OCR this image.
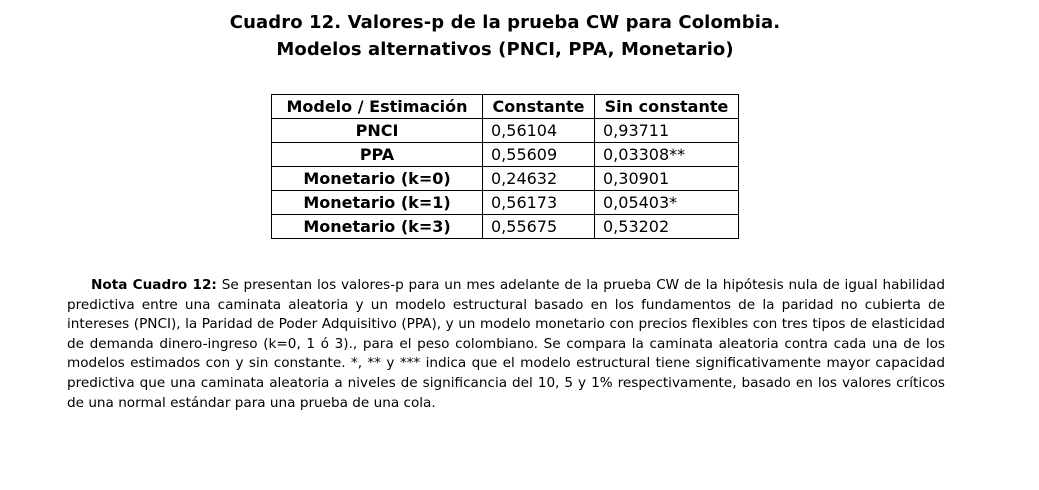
Cuadro 12. Valores-p de la prueba CW para Colombia.
Modelos alternativos (PNCI, PPA, Monetario)
Modelo / Estimación	Constante	Sin constante
PNCI	0,56104	0,93711
PPA	0,55609	0,03308**
Monetario (k=0)	0,24632	0,30901
Monetario (k=1)	0,56173	0,05403*
Monetario (k=3)	0,55675	0,53202
Nota Cuadro 12: Se presentan los valores-p para un mes adelante de la prueba CW de la hipótesis nula de igual habilidad predictiva entre una caminata aleatoria y un modelo estructural basado en los fundamentos de la paridad no cubierta de intereses (PNCI), la Paridad de Poder Adquisitivo (PPA), y un modelo monetario con precios flexibles con tres tipos de elasticidad de demanda dinero-ingreso (k=0, 1 ó 3)., para el peso colombiano. Se compara la caminata aleatoria contra cada una de los modelos estimados con y sin constante. *, ** y *** indica que el modelo estructural tiene significativamente mayor capacidad predictiva que una caminata aleatoria a niveles de significancia del 10, 5 y 1% respectivamente, basado en los valores críticos de una normal estándar para una prueba de una cola.
